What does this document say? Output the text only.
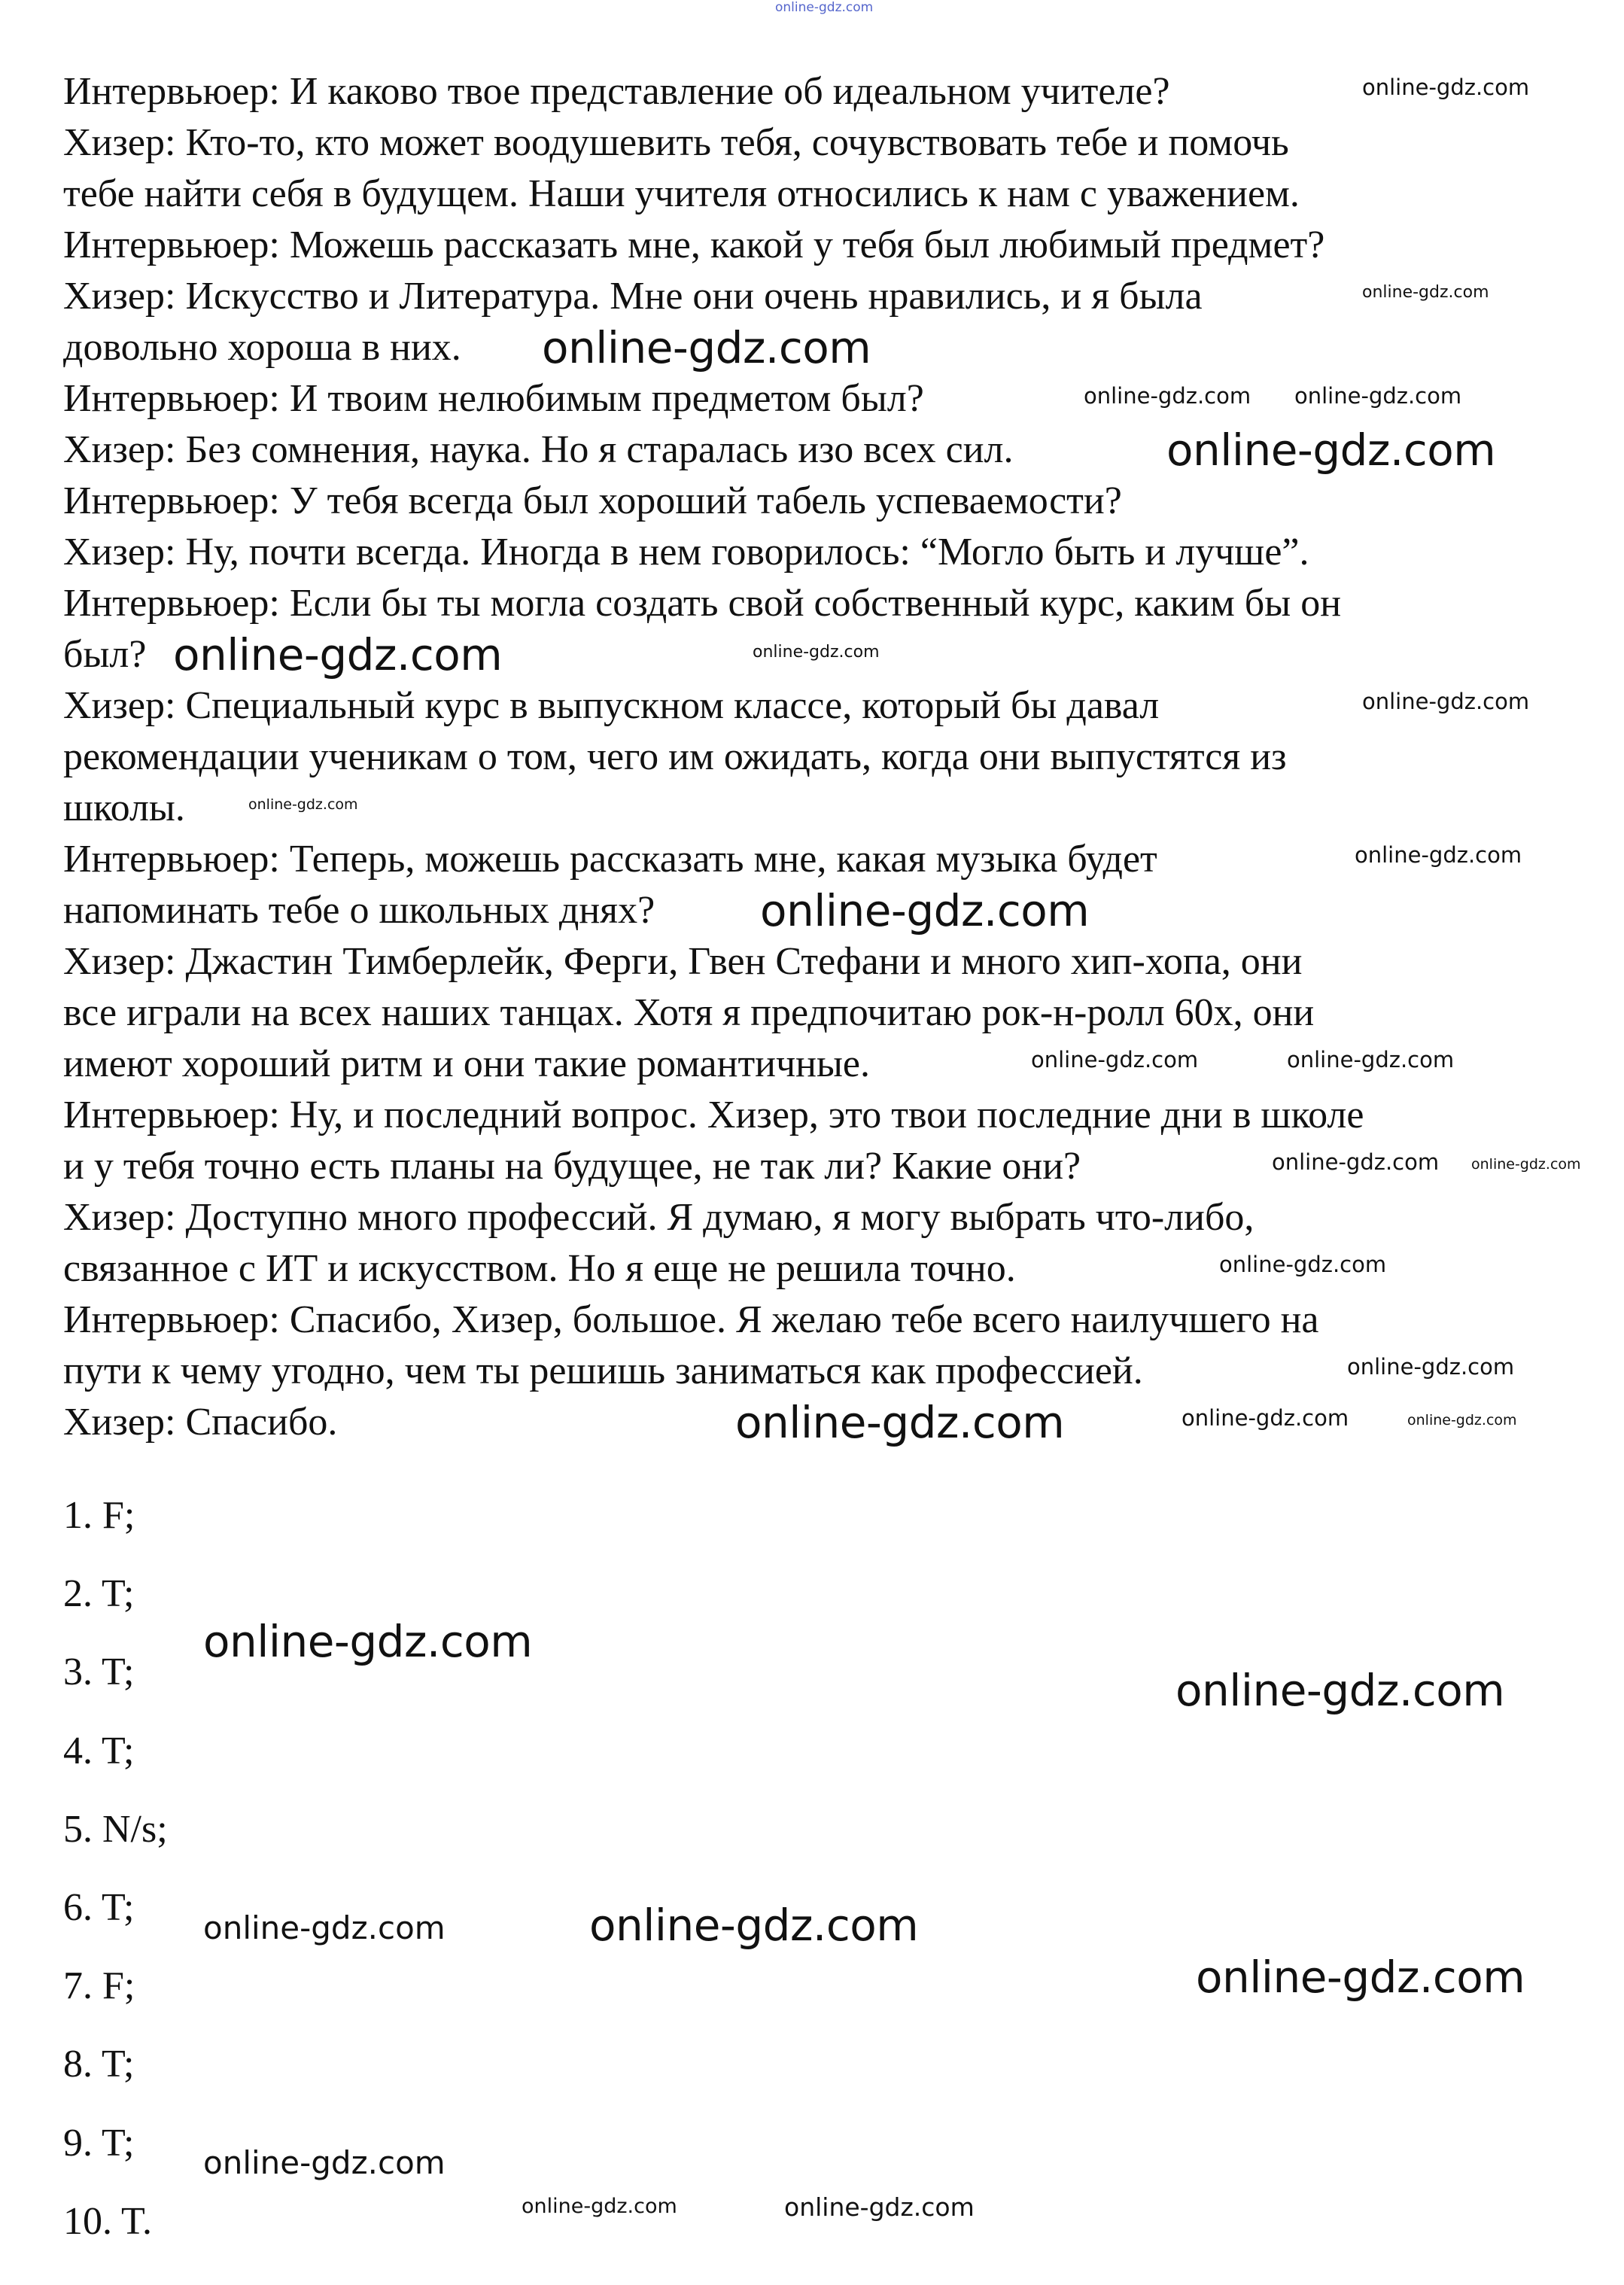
Интервьюер: И каково твое представление об идеальном учителе?
Хизер: Кто-то, кто может воодушевить тебя, сочувствовать тебе и помочь
тебе найти себя в будущем. Наши учителя относились к нам с уважением.
Интервьюер: Можешь рассказать мне, какой у тебя был любимый предмет?
Хизер: Искусство и Литература. Мне они очень нравились, и я была
довольно хороша в них.
Интервьюер: И твоим нелюбимым предметом был?
Хизер: Без сомнения, наука. Но я старалась изо всех сил.
Интервьюер: У тебя всегда был хороший табель успеваемости?
Хизер: Ну, почти всегда. Иногда в нем говорилось: “Могло быть и лучше”.
Интервьюер: Если бы ты могла создать свой собственный курс, каким бы он
был?
Хизер: Специальный курс в выпускном классе, который бы давал
рекомендации ученикам о том, чего им ожидать, когда они выпустятся из
школы.
Интервьюер: Теперь, можешь рассказать мне, какая музыка будет
напоминать тебе о школьных днях?
Хизер: Джастин Тимберлейк, Ферги, Гвен Стефани и много хип-хопа, они
все играли на всех наших танцах. Хотя я предпочитаю рок-н-ролл 60х, они
имеют хороший ритм и они такие романтичные.
Интервьюер: Ну, и последний вопрос. Хизер, это твои последние дни в школе
и у тебя точно есть планы на будущее, не так ли? Какие они?
Хизер: Доступно много профессий. Я думаю, я могу выбрать что-либо,
связанное с ИТ и искусством. Но я еще не решила точно.
Интервьюер: Спасибо, Хизер, большое. Я желаю тебе всего наилучшего на
пути к чему угодно, чем ты решишь заниматься как профессией.
Хизер: Спасибо.
1. F;
2. T;
3. T;
4. T;
5. N/s;
6. T;
7. F;
8. T;
9. T;
10. T.
online-gdz.com
online-gdz.com
online-gdz.com
online-gdz.com
online-gdz.com online-gdz.com
online-gdz.com
online-gdz.com	online-gdz.com
online-gdz.com
online-gdz.com
online-gdz.com
online-gdz.com
online-gdz.com	online-gdz.com
online-gdz.com online-gdz.com
online-gdz.com
online-gdz.com
online-gdz.com	online-gdz.com	online-gdz.com
online-gdz.com
online-gdz.com
online-gdz.com	online-gdz.com
online-gdz.com
online-gdz.com
online-gdz.com	online-gdz.com
